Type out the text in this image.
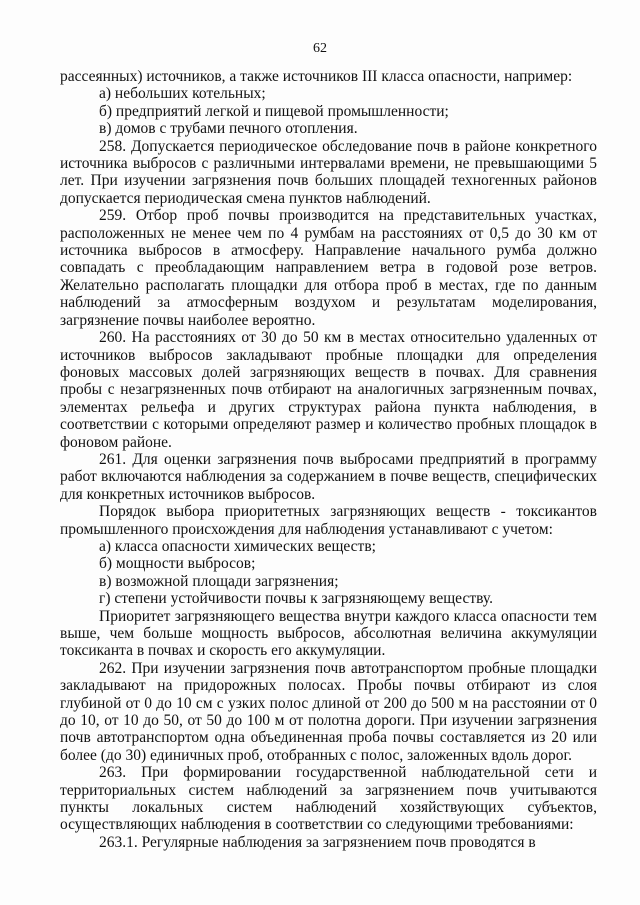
62

рассеянных) источников, а также источников III класса опасности, например:

а) небольших котельных;

б) предприятий легкой и пищевой промышленности;

в) домов с трубами печного отопления.

258. Допускается периодическое обследование почв в районе конкретного источника выбросов с различными интервалами времени, не превышающими 5 лет. При изучении загрязнения почв больших площадей техногенных районов допускается периодическая смена пунктов наблюдений.

259. Отбор проб почвы производится на представительных участках, расположенных не менее чем по 4 румбам на расстояниях от 0,5 до 30 км от источника выбросов в атмосферу. Направление начального румба должно совпадать с преобладающим направлением ветра в годовой розе ветров. Желательно располагать площадки для отбора проб в местах, где по данным наблюдений за атмосферным воздухом и результатам моделирования, загрязнение почвы наиболее вероятно.

260. На расстояниях от 30 до 50 км в местах относительно удаленных от источников выбросов закладывают пробные площадки для определения фоновых массовых долей загрязняющих веществ в почвах. Для сравнения пробы с незагрязненных почв отбирают на аналогичных загрязненным почвах, элементах рельефа и других структурах района пункта наблюдения, в соответствии с которыми определяют размер и количество пробных площадок в фоновом районе.

261. Для оценки загрязнения почв выбросами предприятий в программу работ включаются наблюдения за содержанием в почве веществ, специфических для конкретных источников выбросов.

Порядок выбора приоритетных загрязняющих веществ - токсикантов промышленного происхождения для наблюдения устанавливают с учетом:

а) класса опасности химических веществ;

б) мощности выбросов;

в) возможной площади загрязнения;

г) степени устойчивости почвы к загрязняющему веществу.

Приоритет загрязняющего вещества внутри каждого класса опасности тем выше, чем больше мощность выбросов, абсолютная величина аккумуляции токсиканта в почвах и скорость его аккумуляции.

262. При изучении загрязнения почв автотранспортом пробные площадки закладывают на придорожных полосах. Пробы почвы отбирают из слоя глубиной от 0 до 10 см с узких полос длиной от 200 до 500 м на расстоянии от 0 до 10, от 10 до 50, от 50 до 100 м от полотна дороги. При изучении загрязнения почв автотранспортом одна объединенная проба почвы составляется из 20 или более (до 30) единичных проб, отобранных с полос, заложенных вдоль дорог.

263. При формировании государственной наблюдательной сети и территориальных систем наблюдений за загрязнением почв учитываются пункты локальных систем наблюдений хозяйствующих субъектов, осуществляющих наблюдения в соответствии со следующими требованиями:

263.1. Регулярные наблюдения за загрязнением почв проводятся в
